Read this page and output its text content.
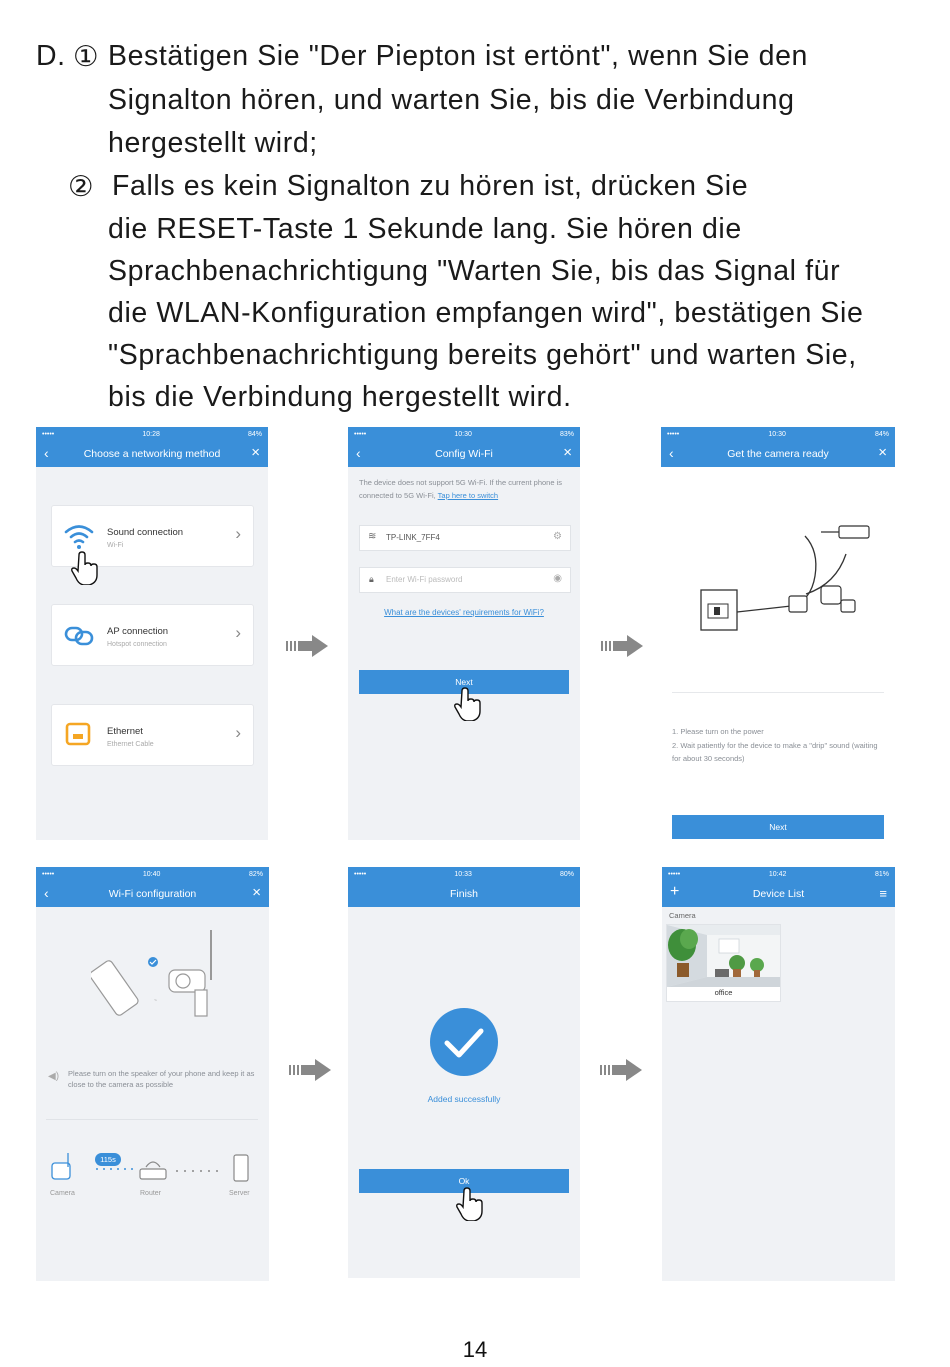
D. ① Bestätigen Sie "Der Piepton ist ertönt", wenn Sie den
Signalton hören, und warten Sie, bis die Verbindung
hergestellt wird;
② Falls es kein Signalton zu hören ist, drücken Sie
die RESET-Taste 1 Sekunde lang. Sie hören die
Sprachbenachrichtigung "Warten Sie, bis das Signal für
die WLAN-Konfiguration empfangen wird", bestätigen Sie
"Sprachbenachrichtigung bereits gehört" und warten Sie,
bis die Verbindung hergestellt wird.
•••••	10:28	84%
‹	Choose a networking method ×
Sound connection
Wi-Fi
›
AP connection
Hotspot connection
›
Ethernet
Ethernet Cable
›
•••••	10:30	83%
‹	Config Wi-Fi	×
The device does not support 5G Wi-Fi. If the current phone is connected to 5G Wi-Fi, Tap here to switch
≋ TP-LINK_7FF4	⚙
🔒︎ Enter Wi-Fi password	◉
What are the devices' requirements for WiFi?
Next
•••••	10:30	84%
‹	Get the camera ready	×
1. Please turn on the power
2. Wait patiently for the device to make a "drip" sound (waiting for about 30 seconds)
Next
•••••	10:40	82%
‹	Wi-Fi configuration	×
~
◀) Please turn on the speaker of your phone and keep it as close to the camera as possible
115s
Camera	Router	Server
•••••	10:33	80%
Finish
Added successfully
Ok
•••••	10:42	81%
+	Device List	≡
Camera
office
14
